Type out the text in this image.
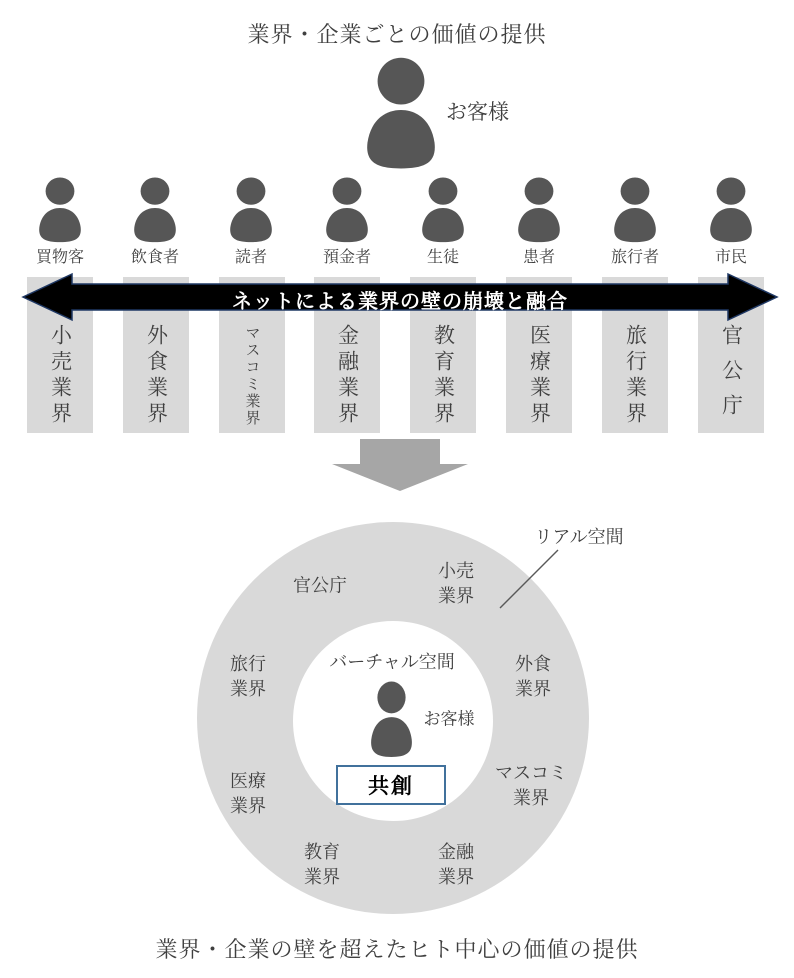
業界・企業ごとの価値の提供
お客様
買物客	飲食者	読者	預金者	生徒	患者	旅行者	市民
小売業界	外食業界	マスコミ業界	金融業界	教育業界	医療業界	旅行業界	官公庁
ネットによる業界の壁の崩壊と融合
官公庁
小売
業界
旅行
業界
外食
業界
医療
業界
マスコミ
業界
教育
業界
金融
業界
リアル空間
バーチャル空間
お客様
共創
業界・企業の壁を超えたヒト中心の価値の提供
